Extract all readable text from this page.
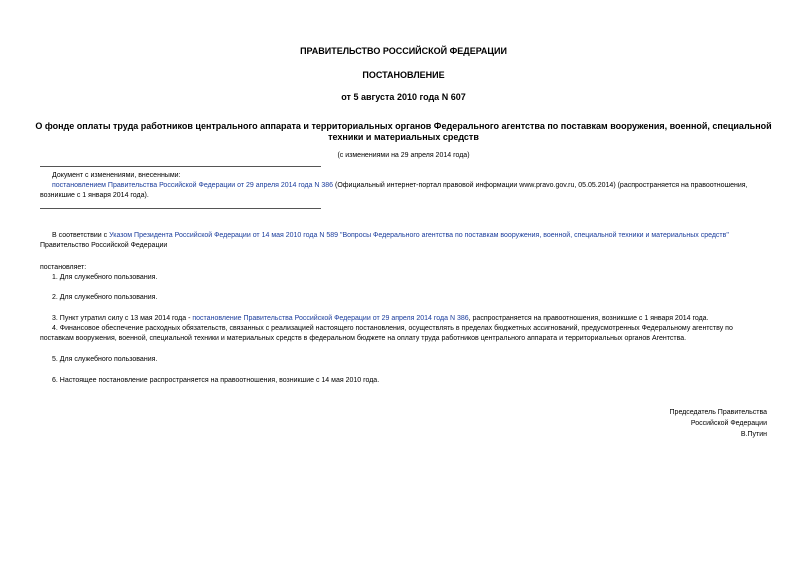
ПРАВИТЕЛЬСТВО РОССИЙСКОЙ ФЕДЕРАЦИИ
ПОСТАНОВЛЕНИЕ
от 5 августа 2010 года N 607
О фонде оплаты труда работников центрального аппарата и территориальных органов Федерального агентства по поставкам вооружения, военной, специальной техники и материальных средств
(с изменениями на 29 апреля 2014 года)
Документ с изменениями, внесенными:
постановлением Правительства Российской Федерации от 29 апреля 2014 года N 386 (Официальный интернет-портал правовой информации www.pravo.gov.ru, 05.05.2014) (распространяется на правоотношения,
возникшие с 1 января 2014 года).
В соответствии с Указом Президента Российской Федерации от 14 мая 2010 года N 589 "Вопросы Федерального агентства по поставкам вооружения, военной, специальной техники и материальных средств"
Правительство Российской Федерации
постановляет:
1. Для служебного пользования.
2. Для служебного пользования.
3. Пункт утратил силу с 13 мая 2014 года - постановление Правительства Российской Федерации от 29 апреля 2014 года N 386, распространяется на правоотношения, возникшие с 1 января 2014 года.
4. Финансовое обеспечение расходных обязательств, связанных с реализацией настоящего постановления, осуществлять в пределах бюджетных ассигнований, предусмотренных Федеральному агентству по
поставкам вооружения, военной, специальной техники и материальных средств в федеральном бюджете на оплату труда работников центрального аппарата и территориальных органов Агентства.
5. Для служебного пользования.
6. Настоящее постановление распространяется на правоотношения, возникшие с 14 мая 2010 года.
Председатель Правительства
Российской Федерации
В.Путин
